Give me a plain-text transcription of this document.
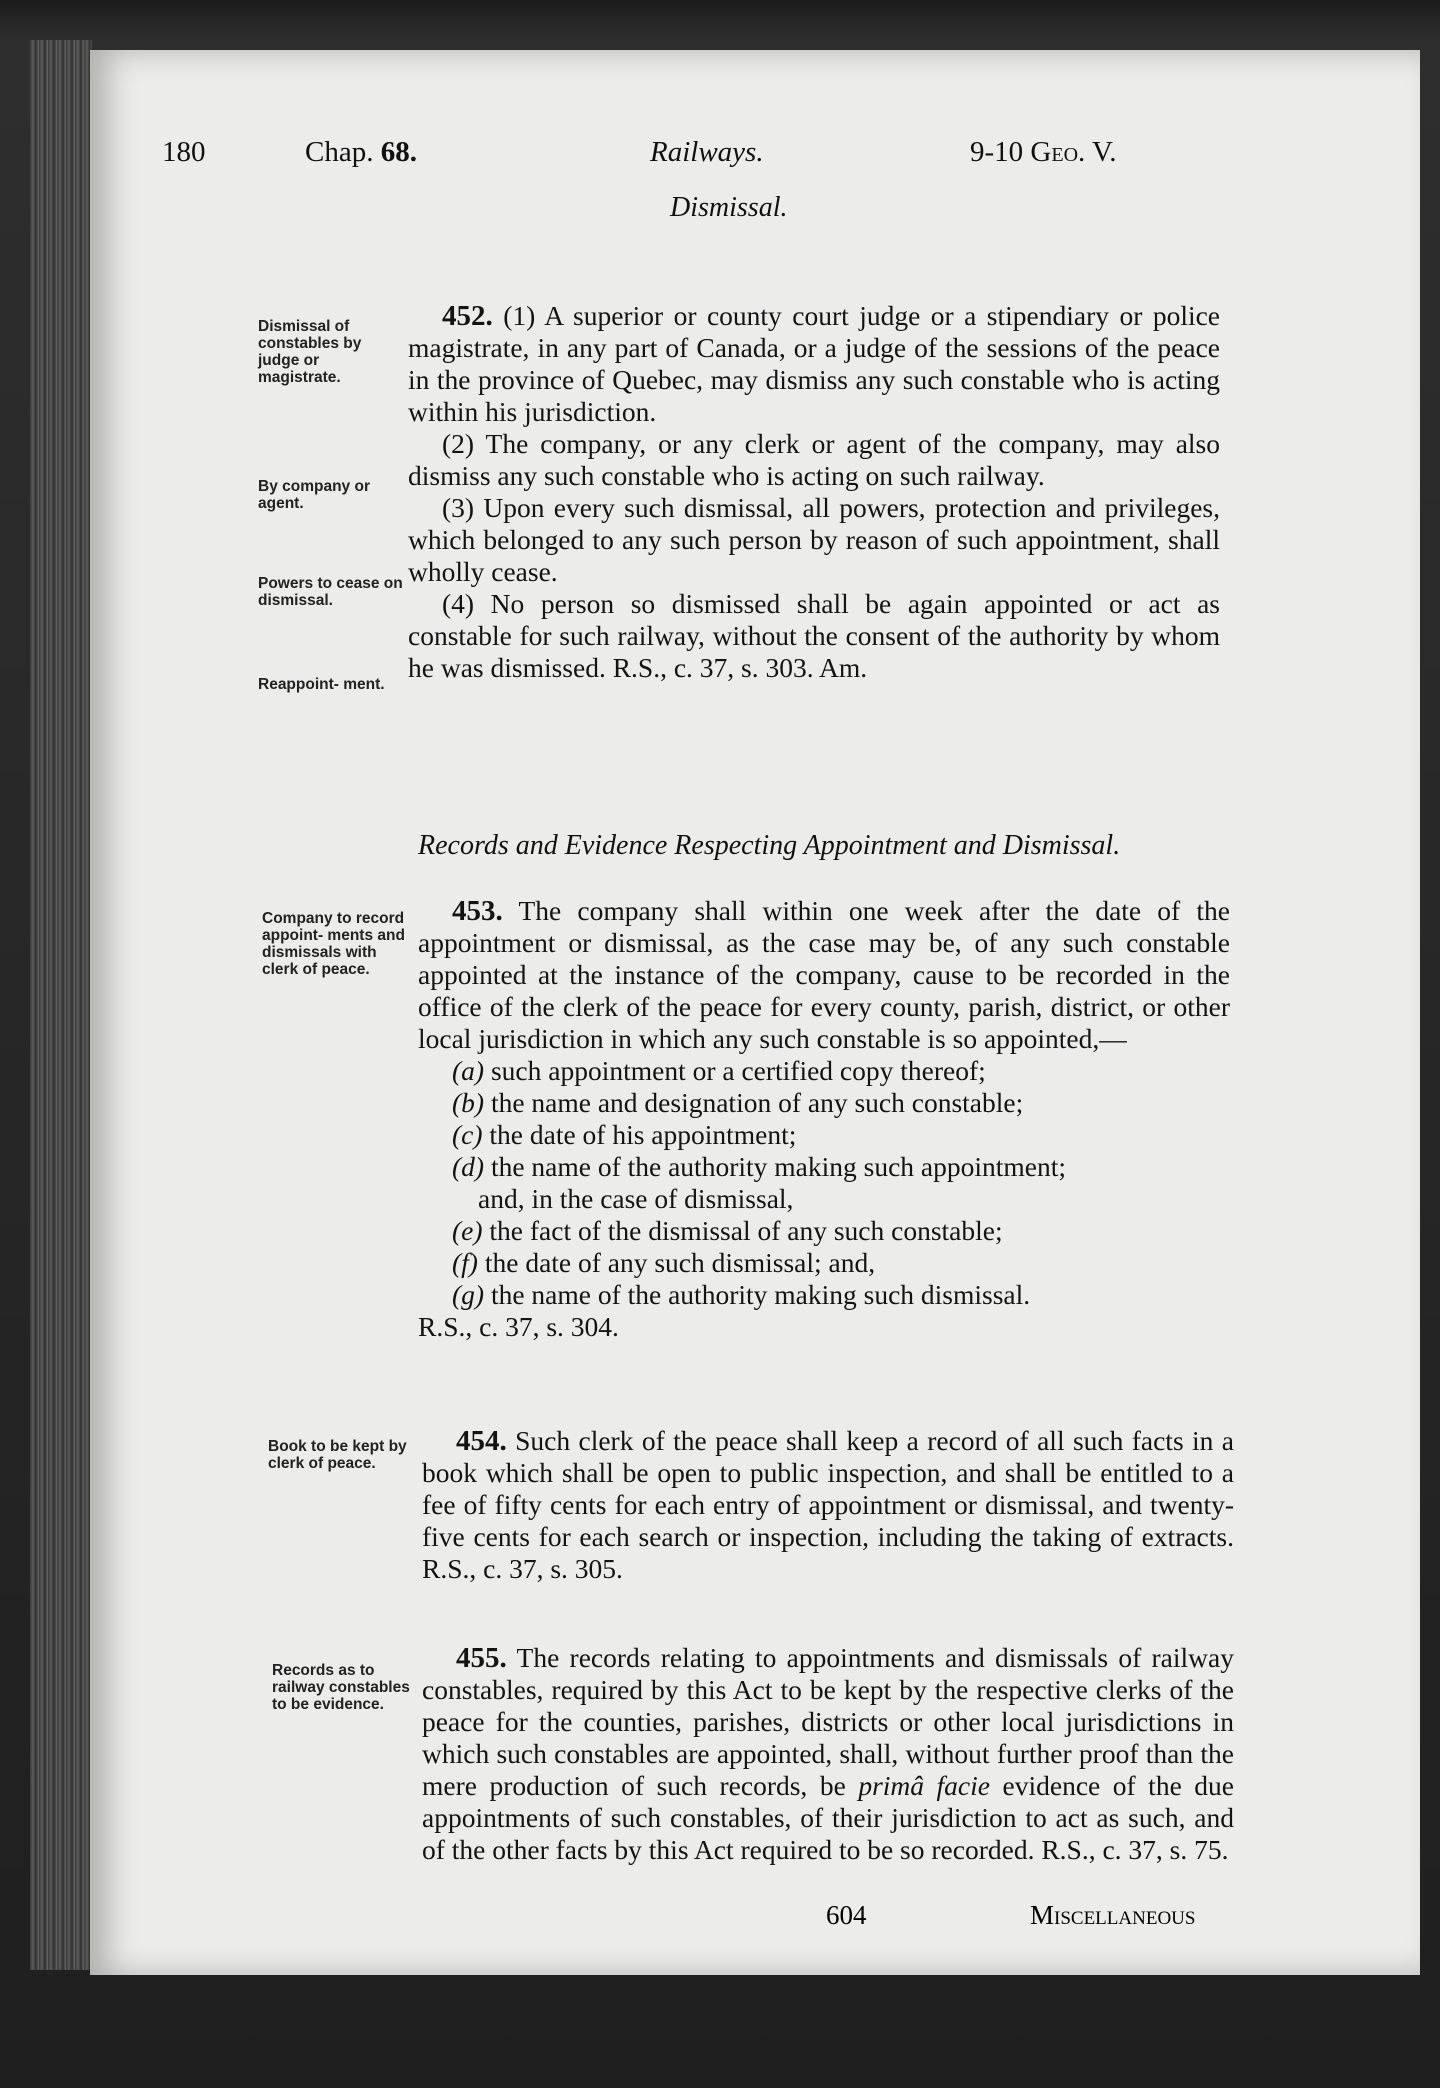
180	Chap. 68.	Railways.	9-10 Geo. V.
Dismissal.
Dismissal of constables by judge or magistrate.
By company or agent.
Powers to cease on dismissal.
Reappoint- ment.

452. (1) A superior or county court judge or a stipendiary or police magistrate, in any part of Canada, or a judge of the sessions of the peace in the province of Quebec, may dismiss any such constable who is acting within his jurisdiction.

(2) The company, or any clerk or agent of the company, may also dismiss any such constable who is acting on such railway.

(3) Upon every such dismissal, all powers, protection and privileges, which belonged to any such person by reason of such appointment, shall wholly cease.

(4) No person so dismissed shall be again appointed or act as constable for such railway, without the consent of the authority by whom he was dismissed. R.S., c. 37, s. 303. Am.

Records and Evidence Respecting Appointment and Dismissal.
Company to record appoint- ments and dismissals with clerk of peace.

453. The company shall within one week after the date of the appointment or dismissal, as the case may be, of any such constable appointed at the instance of the company, cause to be recorded in the office of the clerk of the peace for every county, parish, district, or other local jurisdiction in which any such constable is so appointed,—

(a) such appointment or a certified copy thereof;
(b) the name and designation of any such constable;
(c) the date of his appointment;
(d) the name of the authority making such appointment;
and, in the case of dismissal,
(e) the fact of the dismissal of any such constable;
(f) the date of any such dismissal; and,
(g) the name of the authority making such dismissal.

R.S., c. 37, s. 304.

Book to be kept by clerk of peace.

454. Such clerk of the peace shall keep a record of all such facts in a book which shall be open to public inspection, and shall be entitled to a fee of fifty cents for each entry of appointment or dismissal, and twenty-five cents for each search or inspection, including the taking of extracts. R.S., c. 37, s. 305.

Records as to railway constables to be evidence.

455. The records relating to appointments and dismissals of railway constables, required by this Act to be kept by the respective clerks of the peace for the counties, parishes, districts or other local jurisdictions in which such constables are appointed, shall, without further proof than the mere production of such records, be primâ facie evidence of the due appointments of such constables, of their jurisdiction to act as such, and of the other facts by this Act required to be so recorded. R.S., c. 37, s. 75.

604	Miscellaneous
